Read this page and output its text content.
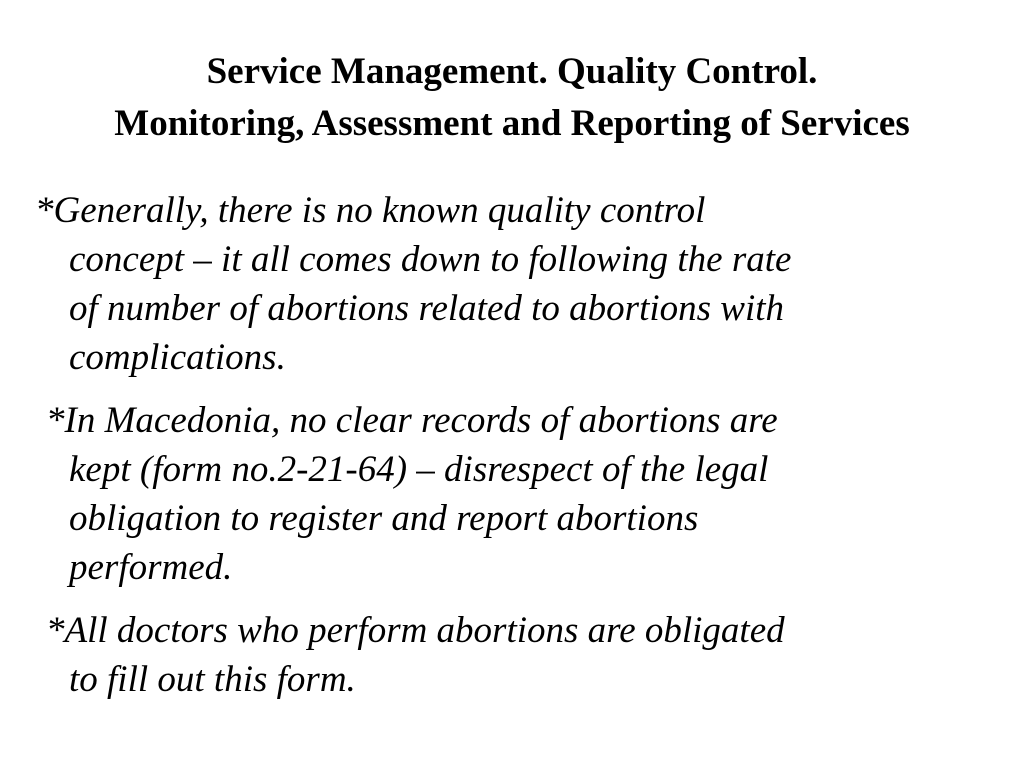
Service Management. Quality Control.
Monitoring, Assessment and Reporting of Services
*Generally, there is no known quality control
concept – it all comes down to following the rate
of number of abortions related to abortions with
complications.
*In Macedonia, no clear records of abortions are
kept (form no.2-21-64) – disrespect of the legal
obligation to register and report abortions
performed.
*All doctors who perform abortions are obligated
to fill out this form.
